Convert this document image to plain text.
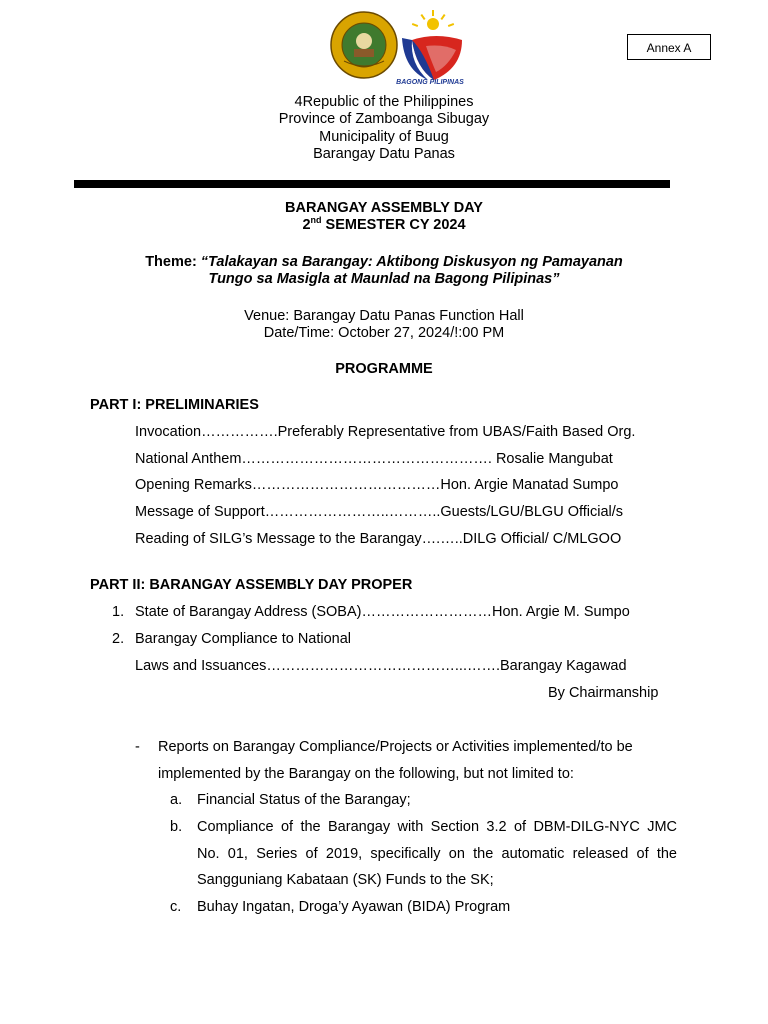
BAGONG PILIPINAS
Annex A
4Republic of the Philippines
Province of Zamboanga Sibugay
Municipality of Buug
Barangay Datu Panas
BARANGAY ASSEMBLY DAY
2nd SEMESTER CY 2024
Theme: “Talakayan sa Barangay: Aktibong Diskusyon ng Pamayanan
Tungo sa Masigla at Maunlad na Bagong Pilipinas”
Venue: Barangay Datu Panas Function Hall
Date/Time: October 27, 2024/!:00 PM
PROGRAMME
PART I: PRELIMINARIES
Invocation…………….Preferably Representative from UBAS/Faith Based Org.
National Anthem……………………………………………. Rosalie Mangubat
Opening Remarks…………………………………Hon. Argie Manatad Sumpo
Message of Support……………………..………..Guests/LGU/BLGU Official/s
Reading of SILG’s Message to the Barangay….…..DILG Official/ C/MLGOO
PART II: BARANGAY ASSEMBLY DAY PROPER
1. State of Barangay Address (SOBA)………………………Hon. Argie M. Sumpo
2. Barangay Compliance to National
Laws and Issuances…………………………………...…….Barangay Kagawad
By Chairmanship
- Reports on Barangay Compliance/Projects or Activities implemented/to be
implemented by the Barangay on the following, but not limited to:
a. Financial Status of the Barangay;
b. Compliance of the Barangay with Section 3.2 of DBM-DILG-NYC JMC
No. 01, Series of 2019, specifically on the automatic released of the
Sangguniang Kabataan (SK) Funds to the SK;
c. Buhay Ingatan, Droga’y Ayawan (BIDA) Program
